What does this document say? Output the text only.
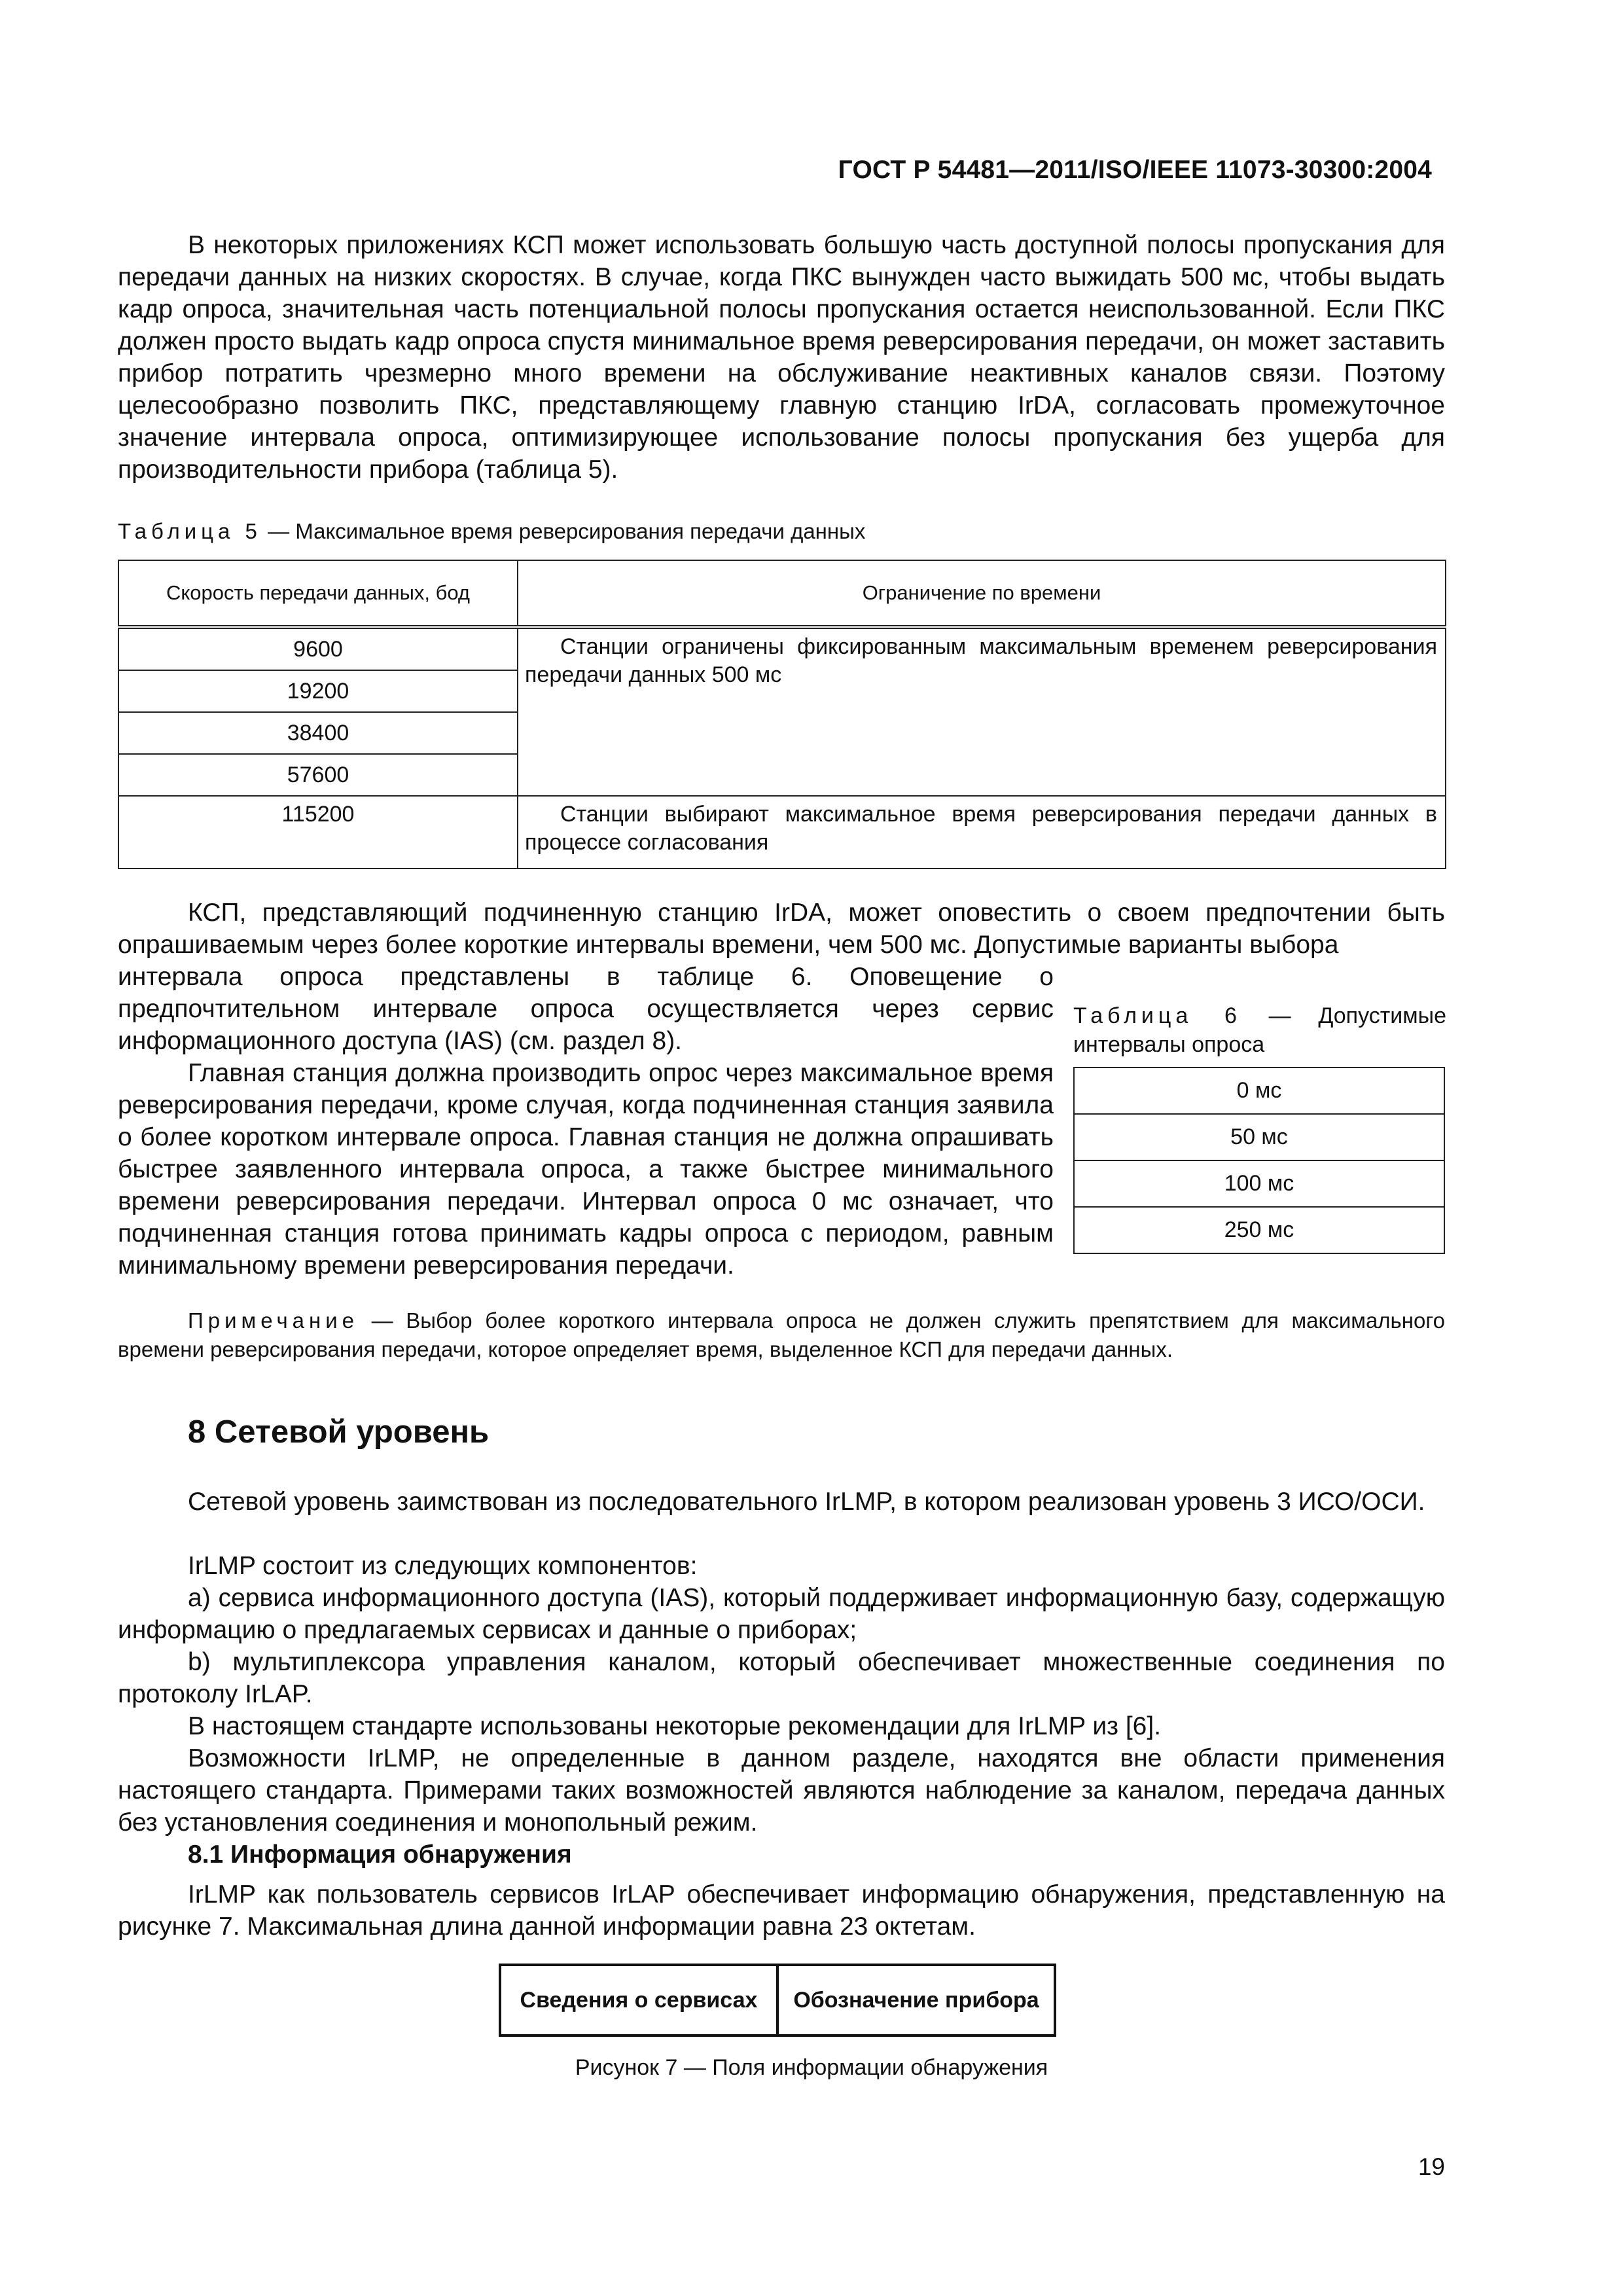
ГОСТ Р 54481—2011/ISO/IEEE 11073-30300:2004
В некоторых приложениях КСП может использовать большую часть доступной полосы пропускания для передачи данных на низких скоростях. В случае, когда ПКС вынужден часто выжидать 500 мс, чтобы выдать кадр опроса, значительная часть потенциальной полосы пропускания остается неиспользованной. Если ПКС должен просто выдать кадр опроса спустя минимальное время реверсирования передачи, он может заставить прибор потратить чрезмерно много времени на обслуживание неактивных каналов связи. Поэтому целесообразно позволить ПКС, представляющему главную станцию IrDA, согласовать промежуточное значение интервала опроса, оптимизирующее использование полосы пропускания без ущерба для производительности прибора (таблица 5).
Таблица 5 — Максимальное время реверсирования передачи данных
Скорость передачи данных, бод	Ограничение по времени
9600	Станции ограничены фиксированным максимальным временем реверсирования передачи данных 500 мс

19200	
38400	
57600	
115200	Станции выбирают максимальное время реверсирования передачи данных в процессе согласования
КСП, представляющий подчиненную станцию IrDA, может оповестить о своем предпочтении быть опрашиваемым через более короткие интервалы времени, чем 500 мс. Допустимые варианты выбора
интервала опроса представлены в таблице 6. Оповещение о предпочтительном интервале опроса осуществляется через сервис информационного доступа (IAS) (см. раздел 8).
Таблица 6 — Допустимые интервалы опроса
0 мс
50 мс
100 мс
250 мс
Главная станция должна производить опрос через максимальное время реверсирования передачи, кроме случая, когда подчиненная станция заявила о более коротком интервале опроса. Главная станция не должна опрашивать быстрее заявленного интервала опроса, а также быстрее минимального времени реверсирования передачи. Интервал опроса 0 мс означает, что подчиненная станция готова принимать кадры опроса с периодом, равным минимальному времени реверсирования передачи.
Примечание — Выбор более короткого интервала опроса не должен служить препятствием для максимального времени реверсирования передачи, которое определяет время, выделенное КСП для передачи данных.
8 Сетевой уровень
Сетевой уровень заимствован из последовательного IrLMP, в котором реализован уровень 3 ИСО/ОСИ.
IrLMP состоит из следующих компонентов:
а) сервиса информационного доступа (IAS), который поддерживает информационную базу, содержащую информацию о предлагаемых сервисах и данные о приборах;
b) мультиплексора управления каналом, который обеспечивает множественные соединения по протоколу IrLAP.
В настоящем стандарте использованы некоторые рекомендации для IrLMP из [6].
Возможности IrLMP, не определенные в данном разделе, находятся вне области применения настоящего стандарта. Примерами таких возможностей являются наблюдение за каналом, передача данных без установления соединения и монопольный режим.
8.1 Информация обнаружения
IrLMP как пользователь сервисов IrLAP обеспечивает информацию обнаружения, представленную на рисунке 7. Максимальная длина данной информации равна 23 октетам.
Сведения о сервисах	Обозначение прибора
Рисунок 7 — Поля информации обнаружения
19
